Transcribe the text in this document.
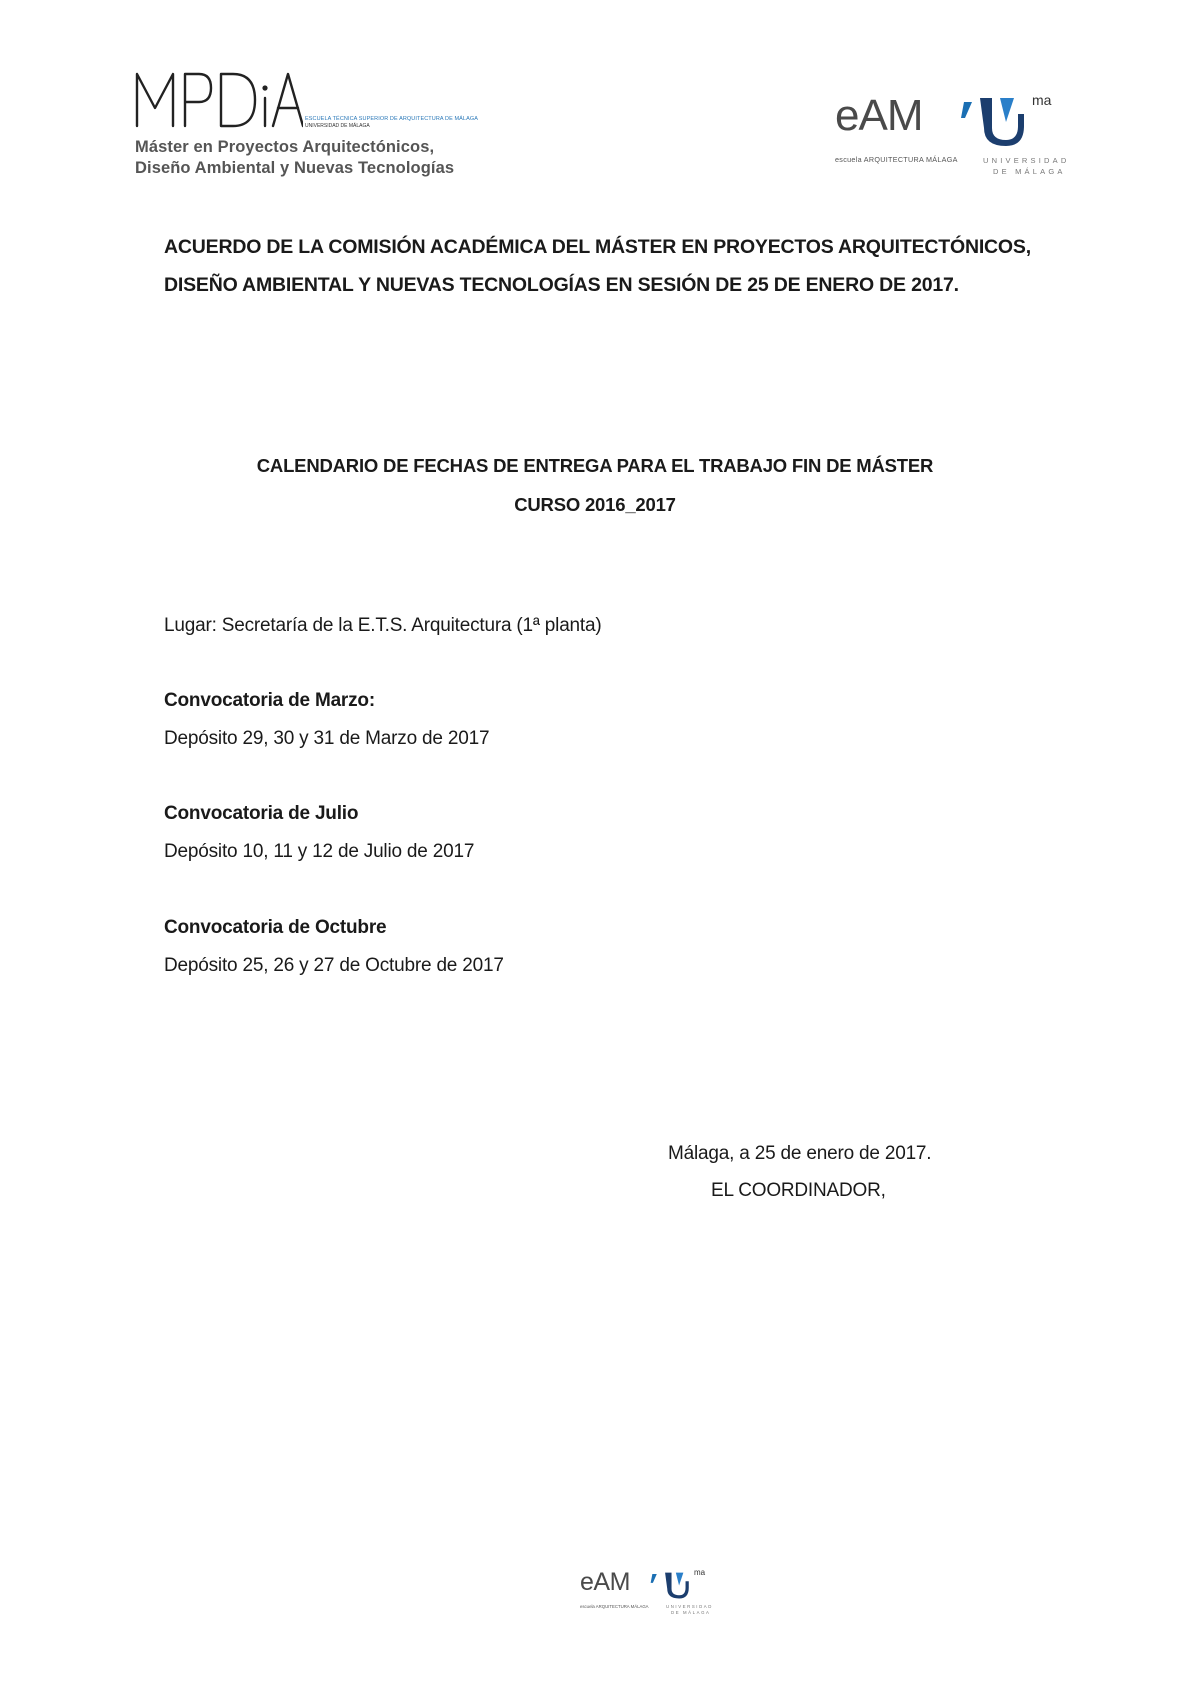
ESCUELA TÉCNICA SUPERIOR DE ARQUITECTURA DE MÁLAGA
UNIVERSIDAD DE MÁLAGA
Máster en Proyectos Arquitectónicos,
Diseño Ambiental y Nuevas Tecnologías
eAM
escuela ARQUITECTURA MÁLAGA
ma
UNIVERSIDAD
DE MÁLAGA
ACUERDO DE LA COMISIÓN ACADÉMICA DEL MÁSTER EN PROYECTOS ARQUITECTÓNICOS, DISEÑO AMBIENTAL Y NUEVAS TECNOLOGÍAS EN SESIÓN DE 25 DE ENERO DE 2017.
CALENDARIO DE FECHAS DE ENTREGA PARA EL TRABAJO FIN DE MÁSTER
CURSO 2016_2017
Lugar: Secretaría de la E.T.S. Arquitectura (1ª planta)
Convocatoria de Marzo:
Depósito 29, 30 y 31 de Marzo de 2017
Convocatoria de Julio
Depósito 10, 11 y 12 de Julio de 2017
Convocatoria de Octubre
Depósito 25, 26 y 27 de Octubre de 2017
Málaga, a 25 de enero de 2017.
EL COORDINADOR,
eAM
escuela ARQUITECTURA MÁLAGA
ma
UNIVERSIDAD
DE MÁLAGA
